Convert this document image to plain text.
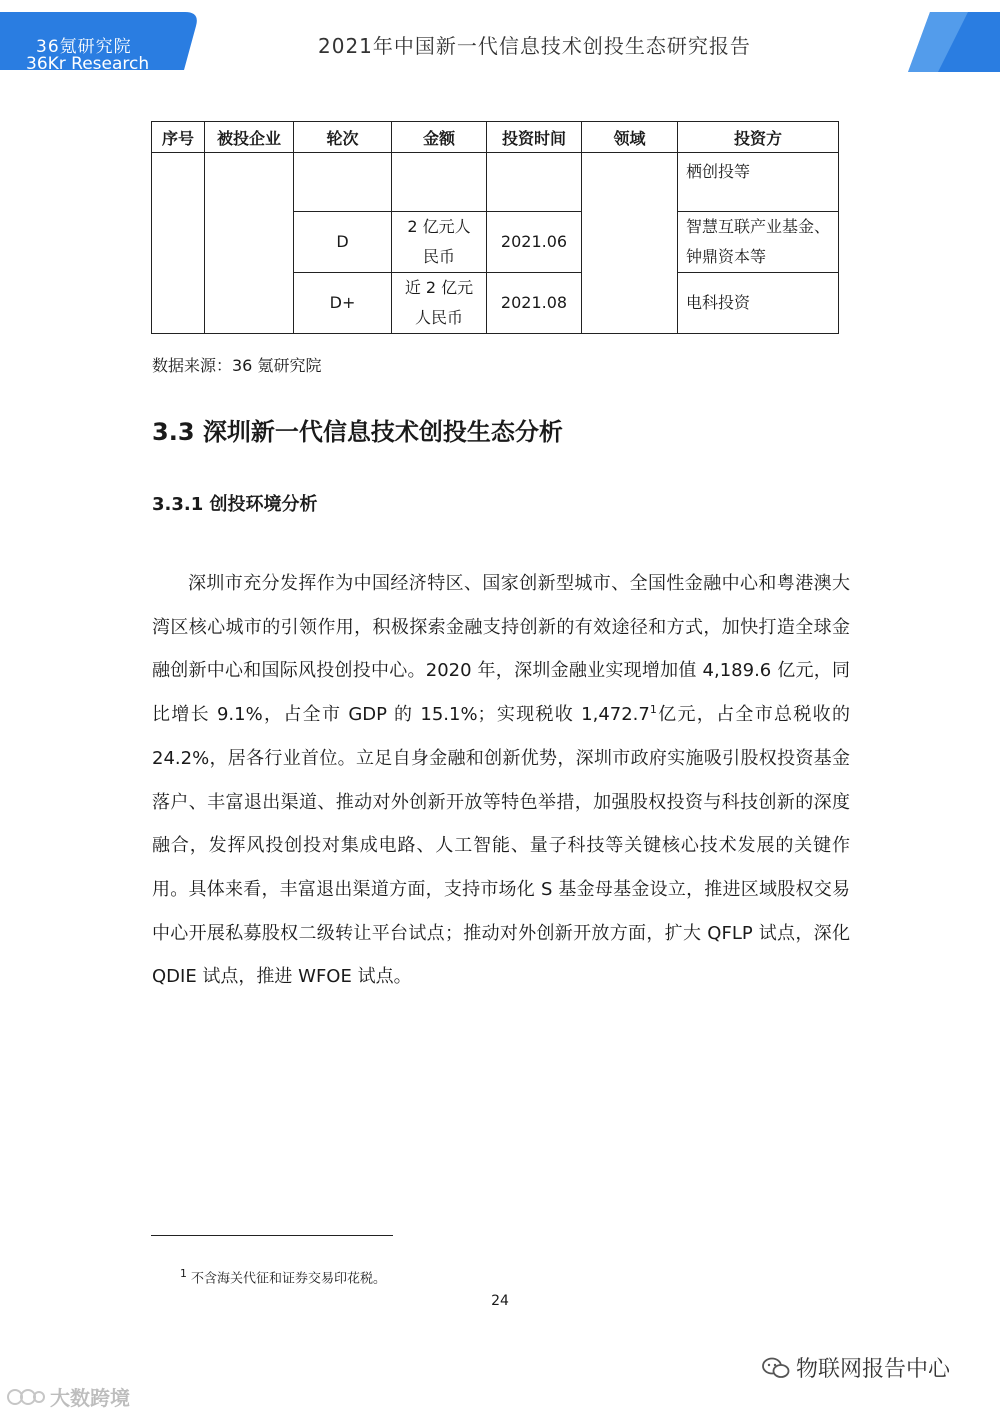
36氪研究院
36Kr Research
2021年中国新一代信息技术创投生态研究报告
序号	被投企业	轮次	金额	投资时间	领域	投资方
						栖创投等
		D	2 亿元人民币	2021.06		智慧互联产业基金、钟鼎资本等
		D+	近 2 亿元人民币	2021.08		电科投资
数据来源：36 氪研究院
3.3 深圳新一代信息技术创投生态分析
3.3.1 创投环境分析

深圳市充分发挥作为中国经济特区、国家创新型城市、全国性金融中心和粤港澳大湾区核心城市的引领作用，积极探索金融支持创新的有效途径和方式，加快打造全球金融创新中心和国际风投创投中心。2020 年，深圳金融业实现增加值 4,189.6 亿元，同比增长 9.1%，占全市 GDP 的 15.1%；实现税收 1,472.7$^1$亿元，占全市总税收的 24.2%，居各行业首位。立足自身金融和创新优势，深圳市政府实施吸引股权投资基金落户、丰富退出渠道、推动对外创新开放等特色举措，加强股权投资与科技创新的深度融合，发挥风投创投对集成电路、人工智能、量子科技等关键核心技术发展的关键作用。具体来看，丰富退出渠道方面，支持市场化 S 基金母基金设立，推进区域股权交易中心开展私募股权二级转让平台试点；推动对外创新开放方面，扩大 QFLP 试点，深化 QDIE 试点，推进 WFOE 试点。

$^1$ 不含海关代征和证券交易印花税。
24
物联网报告中心
大数跨境
